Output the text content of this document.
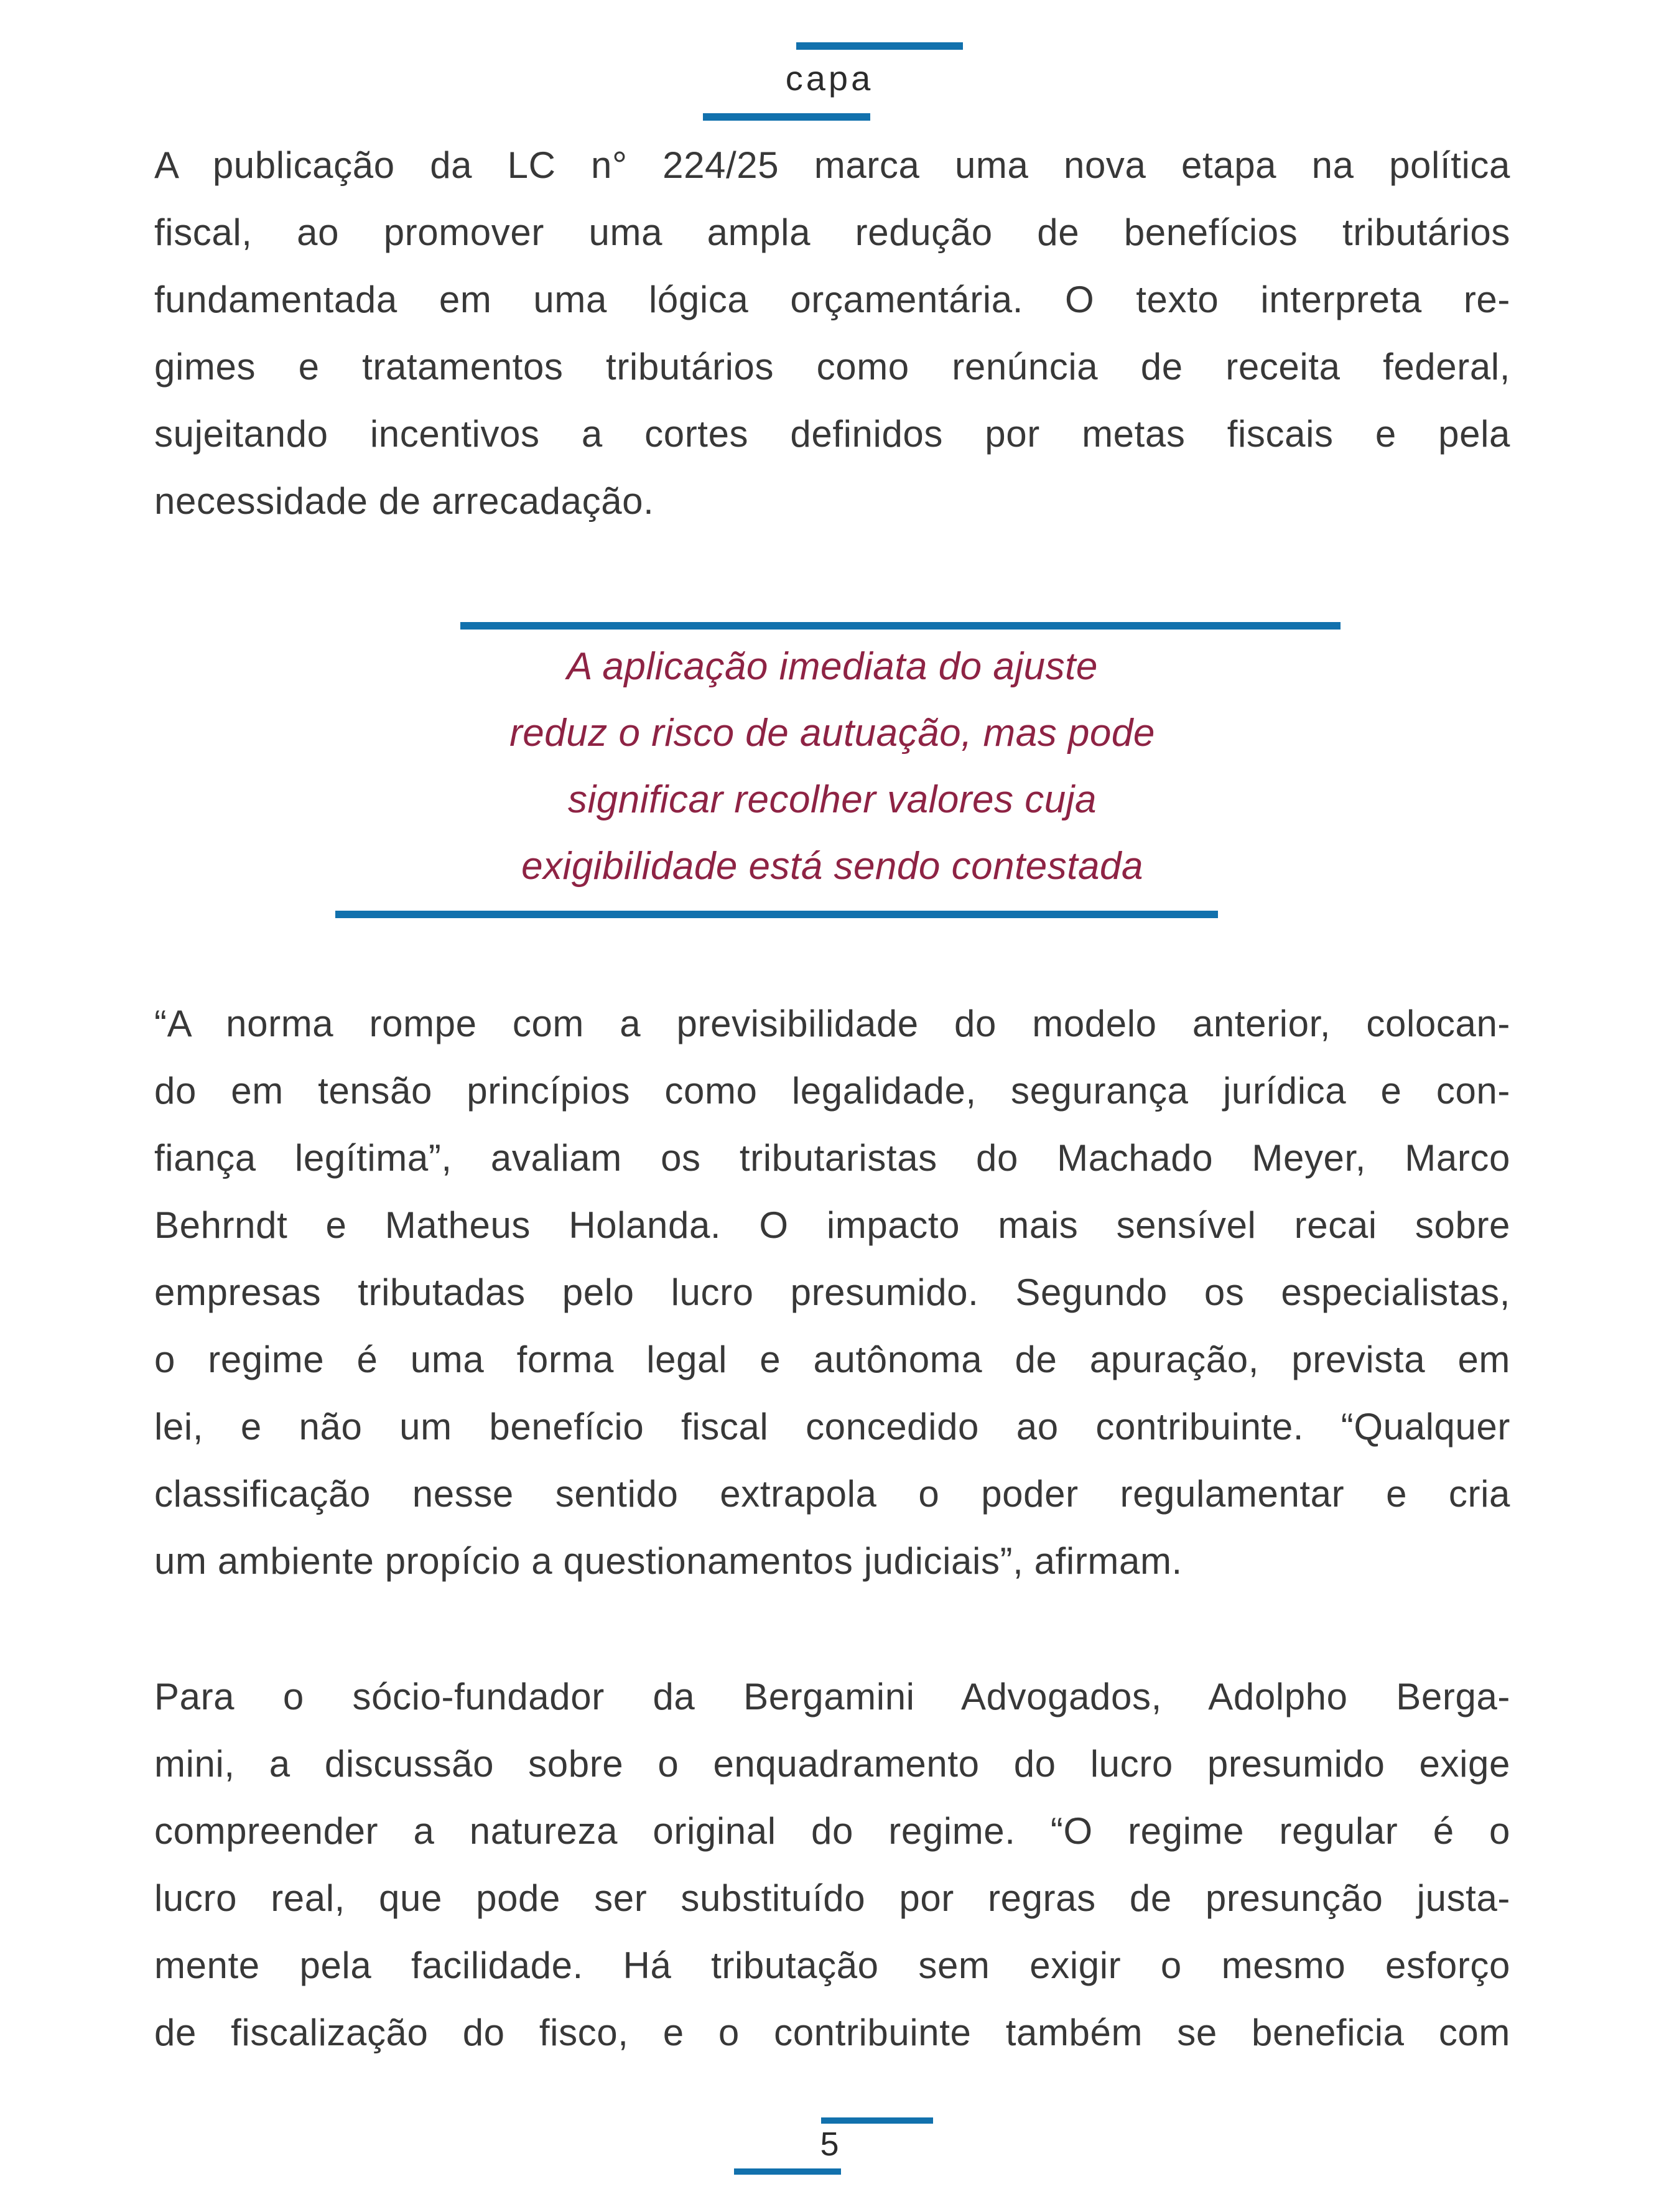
capa
A publicação da LC n° 224/25 marca uma nova etapa na política
fiscal, ao promover uma ampla redução de benefícios tributários
fundamentada em uma lógica orçamentária. O texto interpreta re-
gimes e tratamentos tributários como renúncia de receita federal,
sujeitando incentivos a cortes definidos por metas fiscais e pela
necessidade de arrecadação.
A aplicação imediata do ajuste
reduz o risco de autuação, mas pode
significar recolher valores cuja
exigibilidade está sendo contestada
“A norma rompe com a previsibilidade do modelo anterior, colocan-
do em tensão princípios como legalidade, segurança jurídica e con-
fiança legítima”, avaliam os tributaristas do Machado Meyer, Marco
Behrndt e Matheus Holanda. O impacto mais sensível recai sobre
empresas tributadas pelo lucro presumido. Segundo os especialistas,
o regime é uma forma legal e autônoma de apuração, prevista em
lei, e não um benefício fiscal concedido ao contribuinte. “Qualquer
classificação nesse sentido extrapola o poder regulamentar e cria
um ambiente propício a questionamentos judiciais”, afirmam.
Para o sócio-fundador da Bergamini Advogados, Adolpho Berga-
mini, a discussão sobre o enquadramento do lucro presumido exige
compreender a natureza original do regime. “O regime regular é o
lucro real, que pode ser substituído por regras de presunção justa-
mente pela facilidade. Há tributação sem exigir o mesmo esforço
de fiscalização do fisco, e o contribuinte também se beneficia com
5
